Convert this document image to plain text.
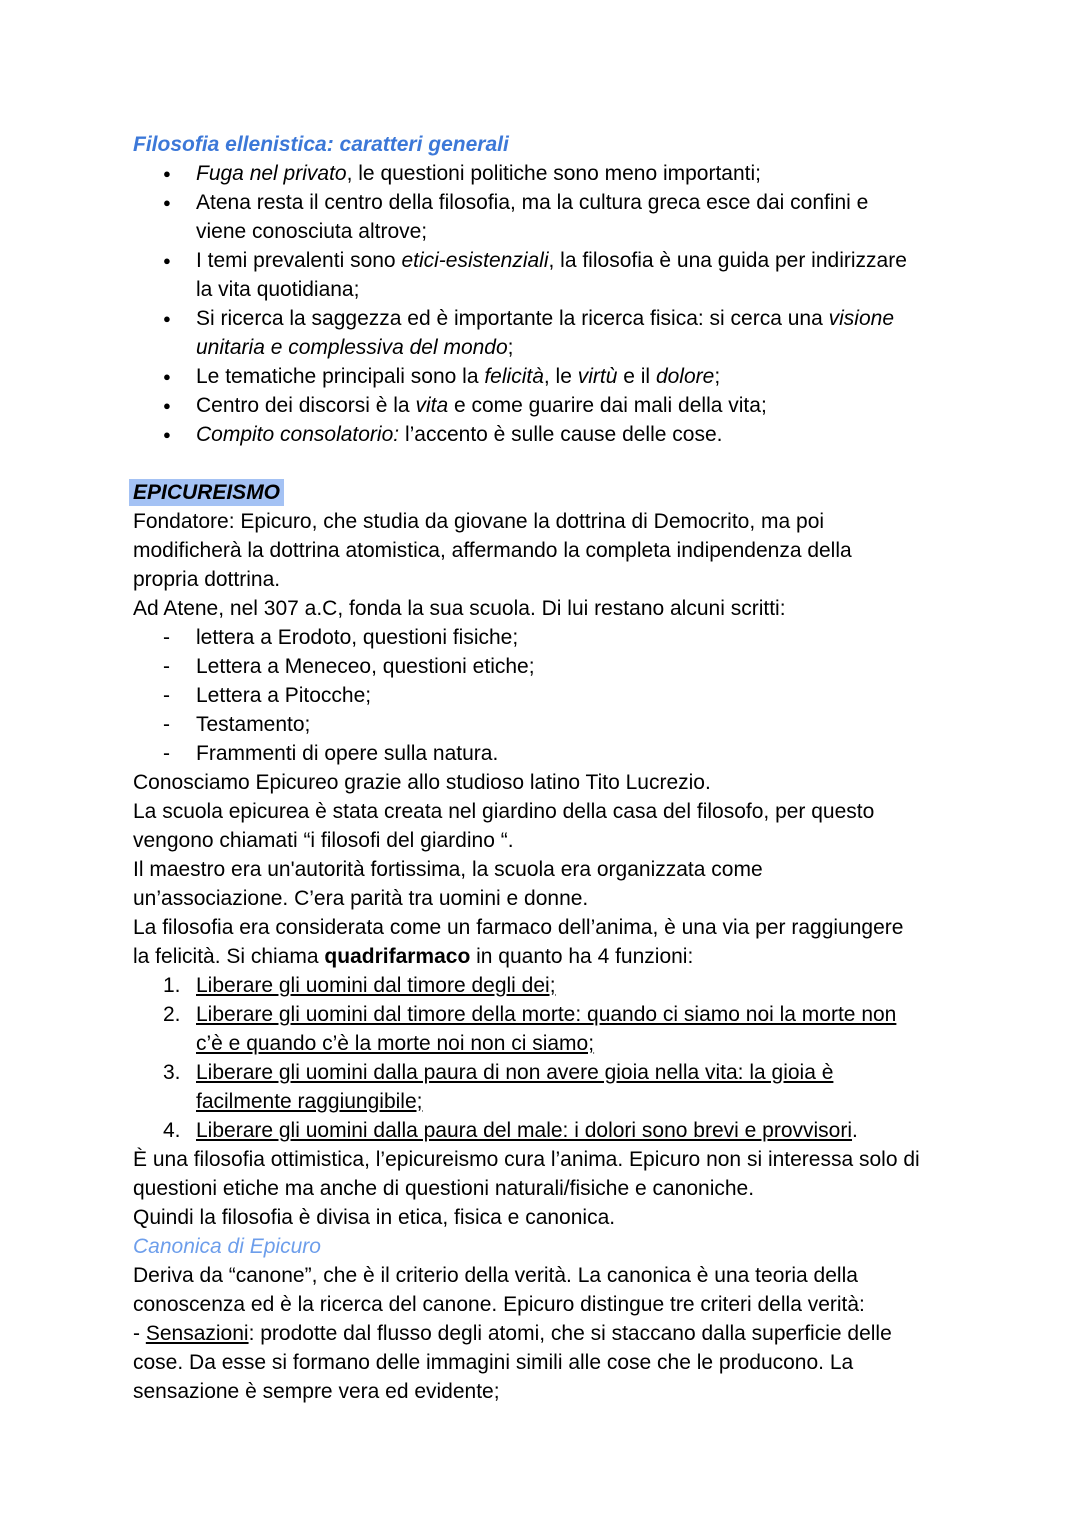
Filosofia ellenistica: caratteri generali
● Fuga nel privato, le questioni politiche sono meno importanti;
● Atena resta il centro della filosofia, ma la cultura greca esce dai confini e
viene conosciuta altrove;
● I temi prevalenti sono etici-esistenziali, la filosofia è una guida per indirizzare
la vita quotidiana;
● Si ricerca la saggezza ed è importante la ricerca fisica: si cerca una visione
unitaria e complessiva del mondo;
● Le tematiche principali sono la felicità, le virtù e il dolore;
● Centro dei discorsi è la vita e come guarire dai mali della vita;
● Compito consolatorio: l’accento è sulle cause delle cose.

EPICUREISMO
Fondatore: Epicuro, che studia da giovane la dottrina di Democrito, ma poi
modificherà la dottrina atomistica, affermando la completa indipendenza della
propria dottrina.
Ad Atene, nel 307 a.C, fonda la sua scuola. Di lui restano alcuni scritti:
- lettera a Erodoto, questioni fisiche;
- Lettera a Meneceo, questioni etiche;
- Lettera a Pitocche;
- Testamento;
- Frammenti di opere sulla natura.
Conosciamo Epicureo grazie allo studioso latino Tito Lucrezio.
La scuola epicurea è stata creata nel giardino della casa del filosofo, per questo
vengono chiamati “i filosofi del giardino “.
Il maestro era un'autorità fortissima, la scuola era organizzata come
un’associazione. C’era parità tra uomini e donne.
La filosofia era considerata come un farmaco dell’anima, è una via per raggiungere
la felicità. Si chiama quadrifarmaco in quanto ha 4 funzioni:
1. Liberare gli uomini dal timore degli dei;
2. Liberare gli uomini dal timore della morte: quando ci siamo noi la morte non
c’è e quando c’è la morte noi non ci siamo;
3. Liberare gli uomini dalla paura di non avere gioia nella vita: la gioia è
facilmente raggiungibile;
4. Liberare gli uomini dalla paura del male: i dolori sono brevi e provvisori.
È una filosofia ottimistica, l’epicureismo cura l’anima. Epicuro non si interessa solo di
questioni etiche ma anche di questioni naturali/fisiche e canoniche.
Quindi la filosofia è divisa in etica, fisica e canonica.
Canonica di Epicuro
Deriva da “canone”, che è il criterio della verità. La canonica è una teoria della
conoscenza ed è la ricerca del canone. Epicuro distingue tre criteri della verità:
- Sensazioni: prodotte dal flusso degli atomi, che si staccano dalla superficie delle
cose. Da esse si formano delle immagini simili alle cose che le producono. La
sensazione è sempre vera ed evidente;
